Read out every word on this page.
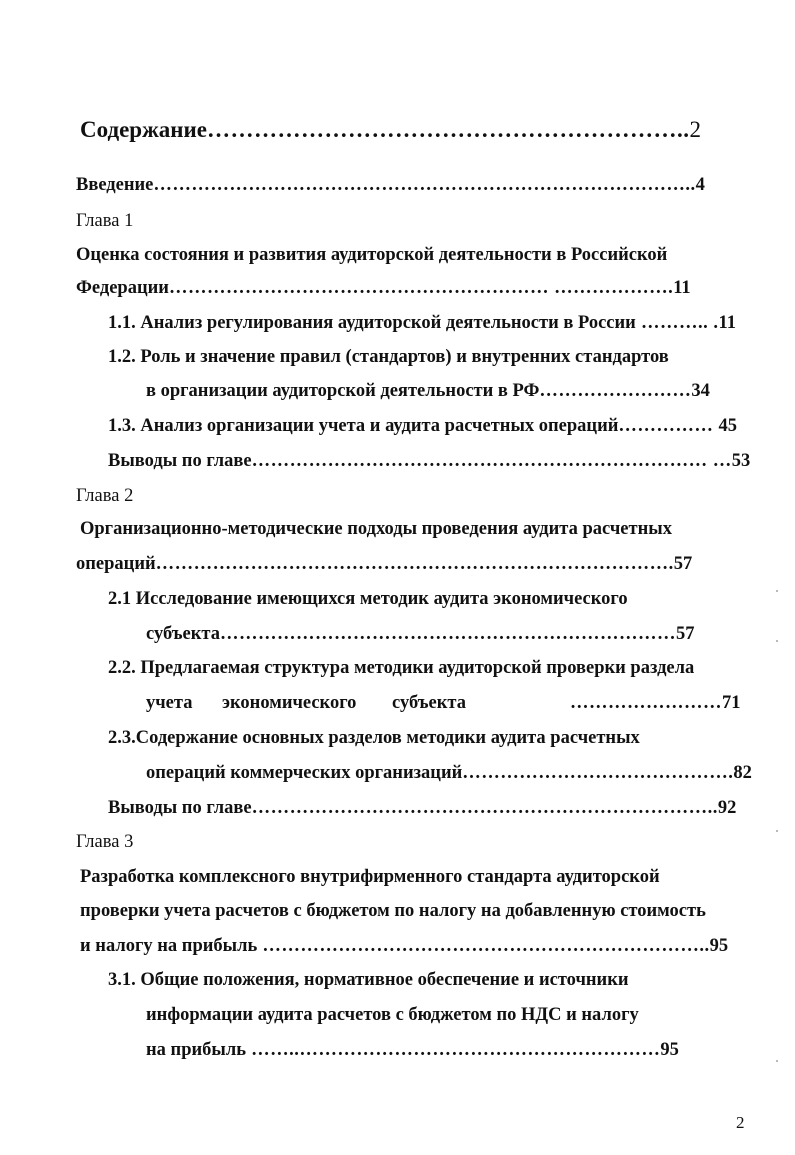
Содержание……………………………………………………..2
Введение…………………………………………………………………………..4
Глава 1
Оценка состояния и развития аудиторской деятельности в Российской
Федерации…………………………………………………… ……………….11
1.1. Анализ регулирования аудиторской деятельности в России ……….. .11
1.2. Роль и значение правил (стандартов) и внутренних стандартов
в организации аудиторской деятельности в РФ……………………34
1.3. Анализ организации учета и аудита расчетных операций…………… 45
Выводы по главе……………………………………………………………… …53
Глава 2
Организационно-методические подходы проведения аудита расчетных
операций……………………………………………………………………….57
2.1 Исследование имеющихся методик аудита экономического
субъекта………………………………………………………………57
2.2. Предлагаемая структура методики аудиторской проверки раздела
учета экономического субъекта	……………………71
2.3.Содержание основных разделов методики аудита расчетных
операций коммерческих организаций…………………………………….82
Выводы по главе………………………………………………………………..92
Глава 3
Разработка комплексного внутрифирменного стандарта аудиторской
проверки учета расчетов с бюджетом по налогу на добавленную стоимость
и налогу на прибыль ……………………………………………………………..95
3.1. Общие положения, нормативное обеспечение и источники
информации аудита расчетов с бюджетом по НДС и налогу
на прибыль ……..…………………………………………………95
2
